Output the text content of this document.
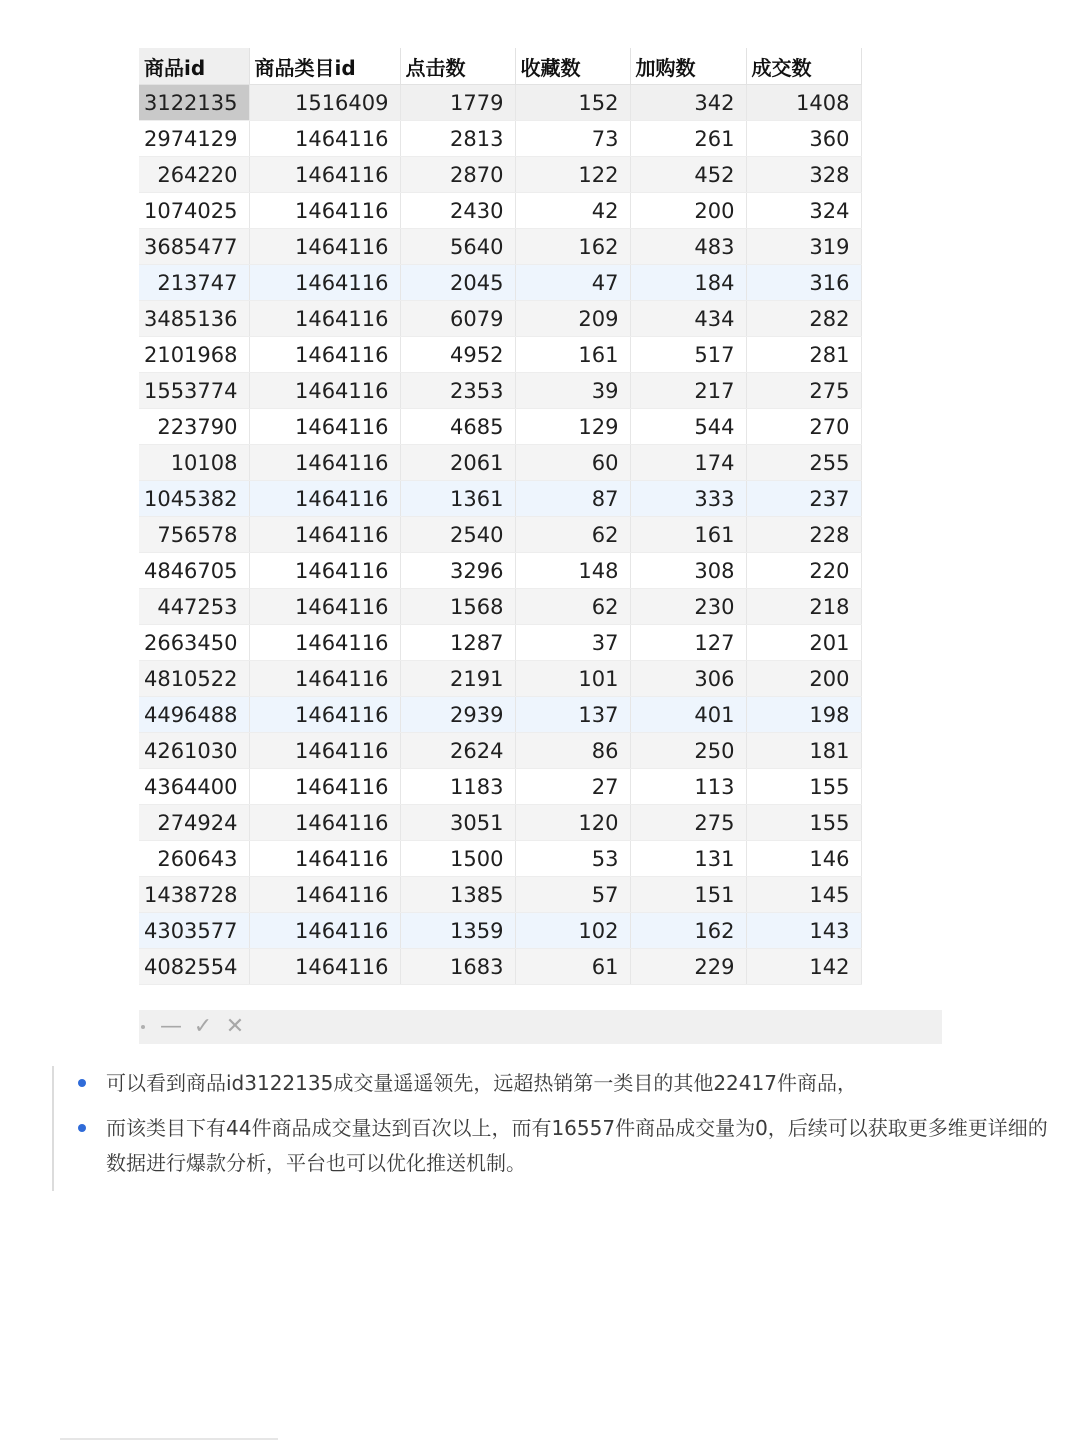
商品id	商品类目id	点击数	收藏数	加购数	成交数
3122135	1516409	1779	152	342	1408
2974129	1464116	2813	73	261	360
264220	1464116	2870	122	452	328
1074025	1464116	2430	42	200	324
3685477	1464116	5640	162	483	319
213747	1464116	2045	47	184	316
3485136	1464116	6079	209	434	282
2101968	1464116	4952	161	517	281
1553774	1464116	2353	39	217	275
223790	1464116	4685	129	544	270
10108	1464116	2061	60	174	255
1045382	1464116	1361	87	333	237
756578	1464116	2540	62	161	228
4846705	1464116	3296	148	308	220
447253	1464116	1568	62	230	218
2663450	1464116	1287	37	127	201
4810522	1464116	2191	101	306	200
4496488	1464116	2939	137	401	198
4261030	1464116	2624	86	250	181
4364400	1464116	1183	27	113	155
274924	1464116	3051	120	275	155
260643	1464116	1500	53	131	146
1438728	1464116	1385	57	151	145
4303577	1464116	1359	102	162	143
4082554	1464116	1683	61	229	142
— ✓ ✕
可以看到商品id3122135成交量遥遥领先，远超热销第一类目的其他22417件商品，
而该类目下有44件商品成交量达到百次以上，而有16557件商品成交量为0，后续可以获取更多维更详细的数据进行爆款分析，平台也可以优化推送机制。
